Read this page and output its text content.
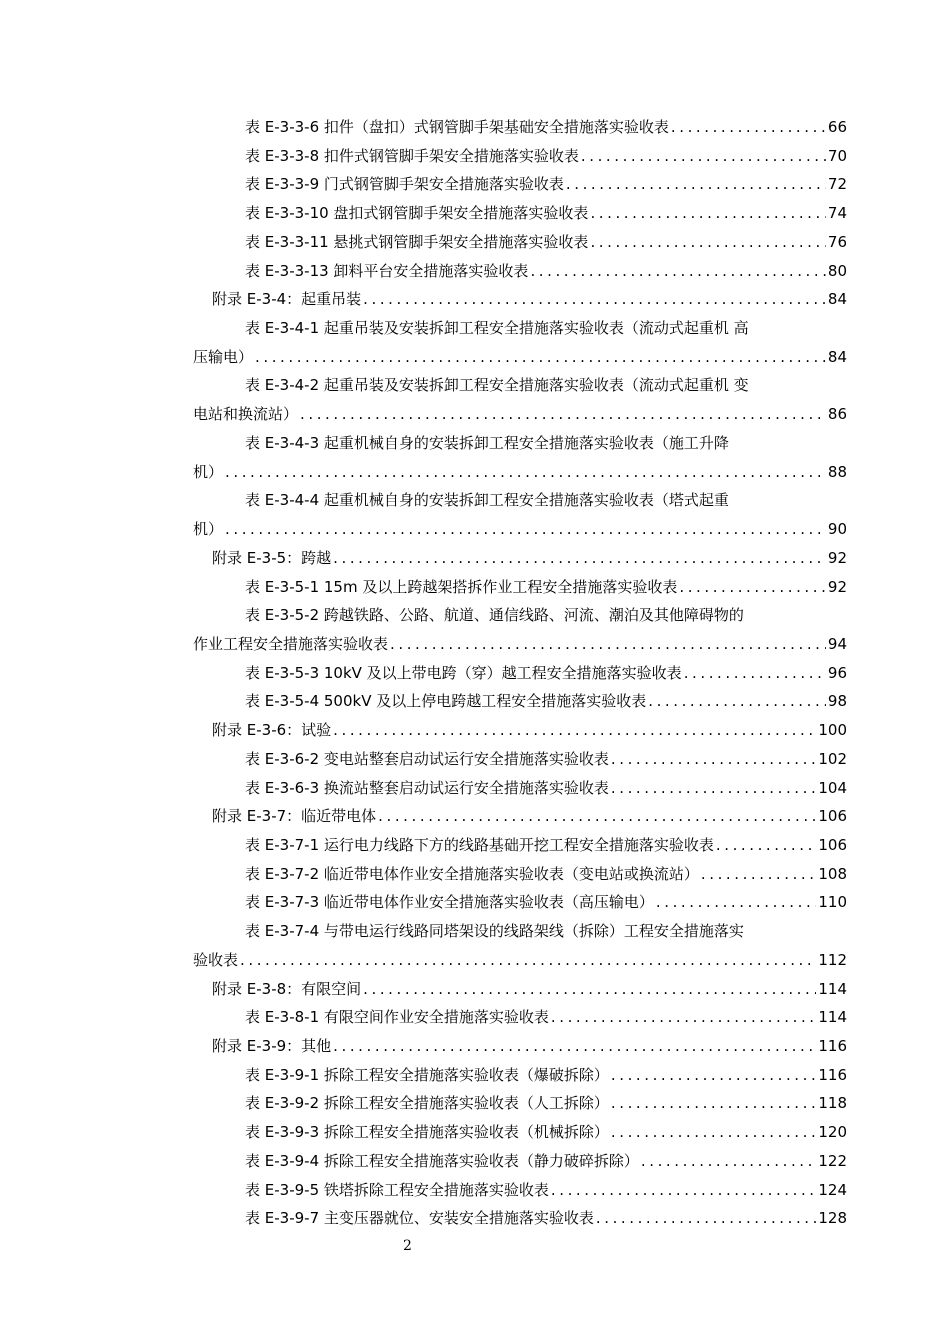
表 E-3-3-6 扣件（盘扣）式钢管脚手架基础安全措施落实验收表 . . .	66
表 E-3-3-8 扣件式钢管脚手架安全措施落实验收表 . . .	70
表 E-3-3-9 门式钢管脚手架安全措施落实验收表 . . .	72
表 E-3-3-10 盘扣式钢管脚手架安全措施落实验收表 . . .	74
表 E-3-3-11 悬挑式钢管脚手架安全措施落实验收表 . . .	76
表 E-3-3-13 卸料平台安全措施落实验收表 . . .	80
附录 E-3-4：起重吊装 . . .	84
表 E-3-4-1 起重吊装及安装拆卸工程安全措施落实验收表（流动式起重机 高
压输电） . . .	84
表 E-3-4-2 起重吊装及安装拆卸工程安全措施落实验收表（流动式起重机 变
电站和换流站） . . .	86
表 E-3-4-3 起重机械自身的安装拆卸工程安全措施落实验收表（施工升降
机） . . .	88
表 E-3-4-4 起重机械自身的安装拆卸工程安全措施落实验收表（塔式起重
机） . . .	90
附录 E-3-5：跨越 . . .	92
表 E-3-5-1 15m 及以上跨越架搭拆作业工程安全措施落实验收表 . . .	92
表 E-3-5-2 跨越铁路、公路、航道、通信线路、河流、潮泊及其他障碍物的
作业工程安全措施落实验收表 . . .	94
表 E-3-5-3 10kV 及以上带电跨（穿）越工程安全措施落实验收表 . . .	96
表 E-3-5-4 500kV 及以上停电跨越工程安全措施落实验收表 . . .	98
附录 E-3-6：试验 . . .	100
表 E-3-6-2 变电站整套启动试运行安全措施落实验收表 . . .	102
表 E-3-6-3 换流站整套启动试运行安全措施落实验收表 . . .	104
附录 E-3-7：临近带电体 . . .	106
表 E-3-7-1 运行电力线路下方的线路基础开挖工程安全措施落实验收表 . . .	106
表 E-3-7-2 临近带电体作业安全措施落实验收表（变电站或换流站） . . .	108
表 E-3-7-3 临近带电体作业安全措施落实验收表（高压输电） . . .	110
表 E-3-7-4 与带电运行线路同塔架设的线路架线（拆除）工程安全措施落实
验收表 . . .	112
附录 E-3-8：有限空间 . . .	114
表 E-3-8-1 有限空间作业安全措施落实验收表 . . .	114
附录 E-3-9：其他 . . .	116
表 E-3-9-1 拆除工程安全措施落实验收表（爆破拆除） . . .	116
表 E-3-9-2 拆除工程安全措施落实验收表（人工拆除） . . .	118
表 E-3-9-3 拆除工程安全措施落实验收表（机械拆除） . . .	120
表 E-3-9-4 拆除工程安全措施落实验收表（静力破碎拆除） . . .	122
表 E-3-9-5 铁塔拆除工程安全措施落实验收表 . . .	124
表 E-3-9-7 主变压器就位、安装安全措施落实验收表 . . .	128
2
